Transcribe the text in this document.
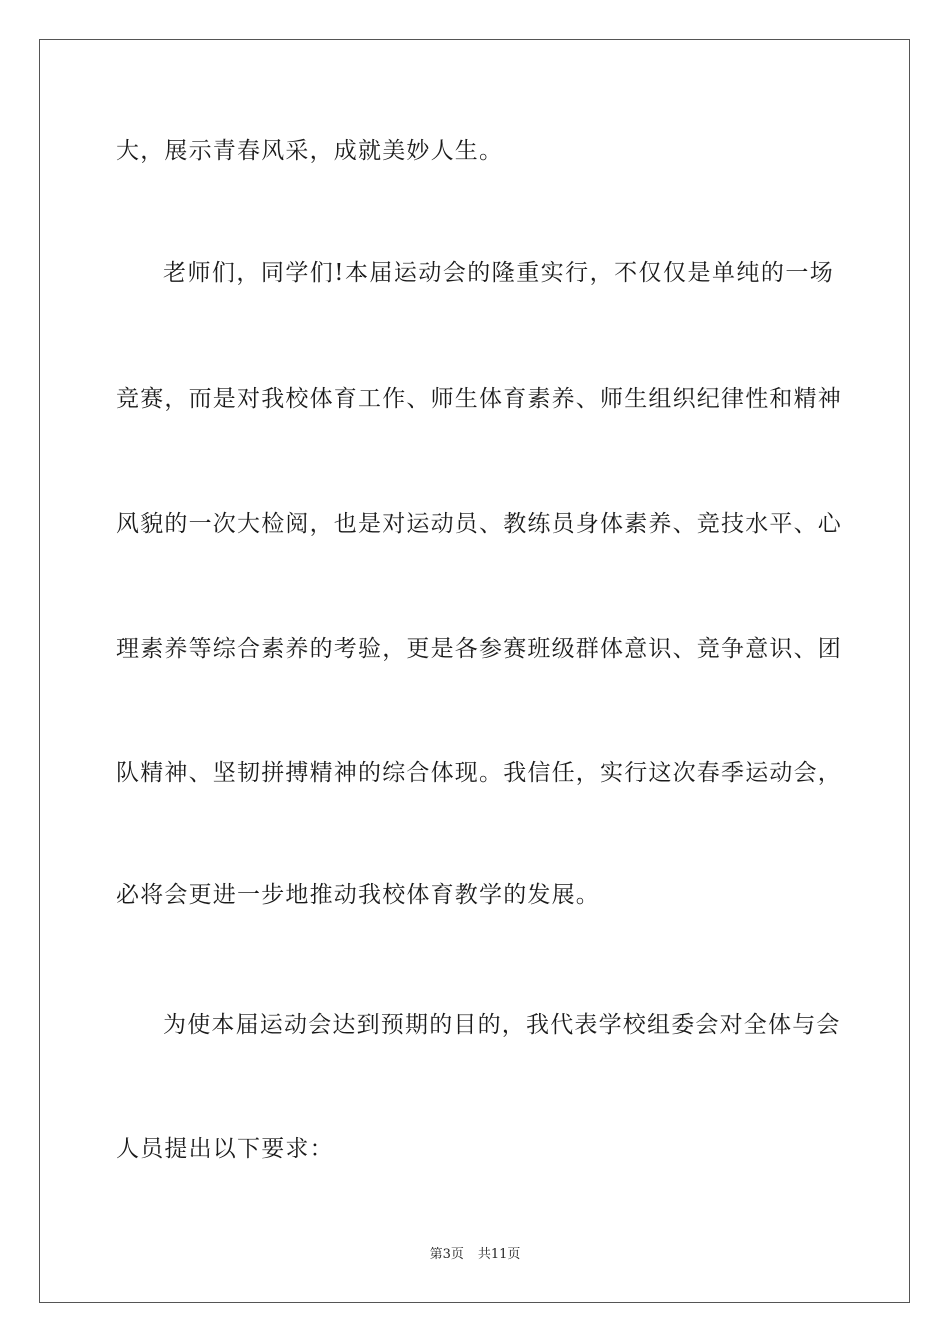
大，展示青春风采，成就美妙人生。
老师们，同学们!本届运动会的隆重实行，不仅仅是单纯的一场
竞赛，而是对我校体育工作、师生体育素养、师生组织纪律性和精神
风貌的一次大检阅，也是对运动员、教练员身体素养、竞技水平、心
理素养等综合素养的考验，更是各参赛班级群体意识、竞争意识、团
队精神、坚韧拼搏精神的综合体现。我信任，实行这次春季运动会，
必将会更进一步地推动我校体育教学的发展。
为使本届运动会达到预期的目的，我代表学校组委会对全体与会
人员提出以下要求：
第3页 共11页
